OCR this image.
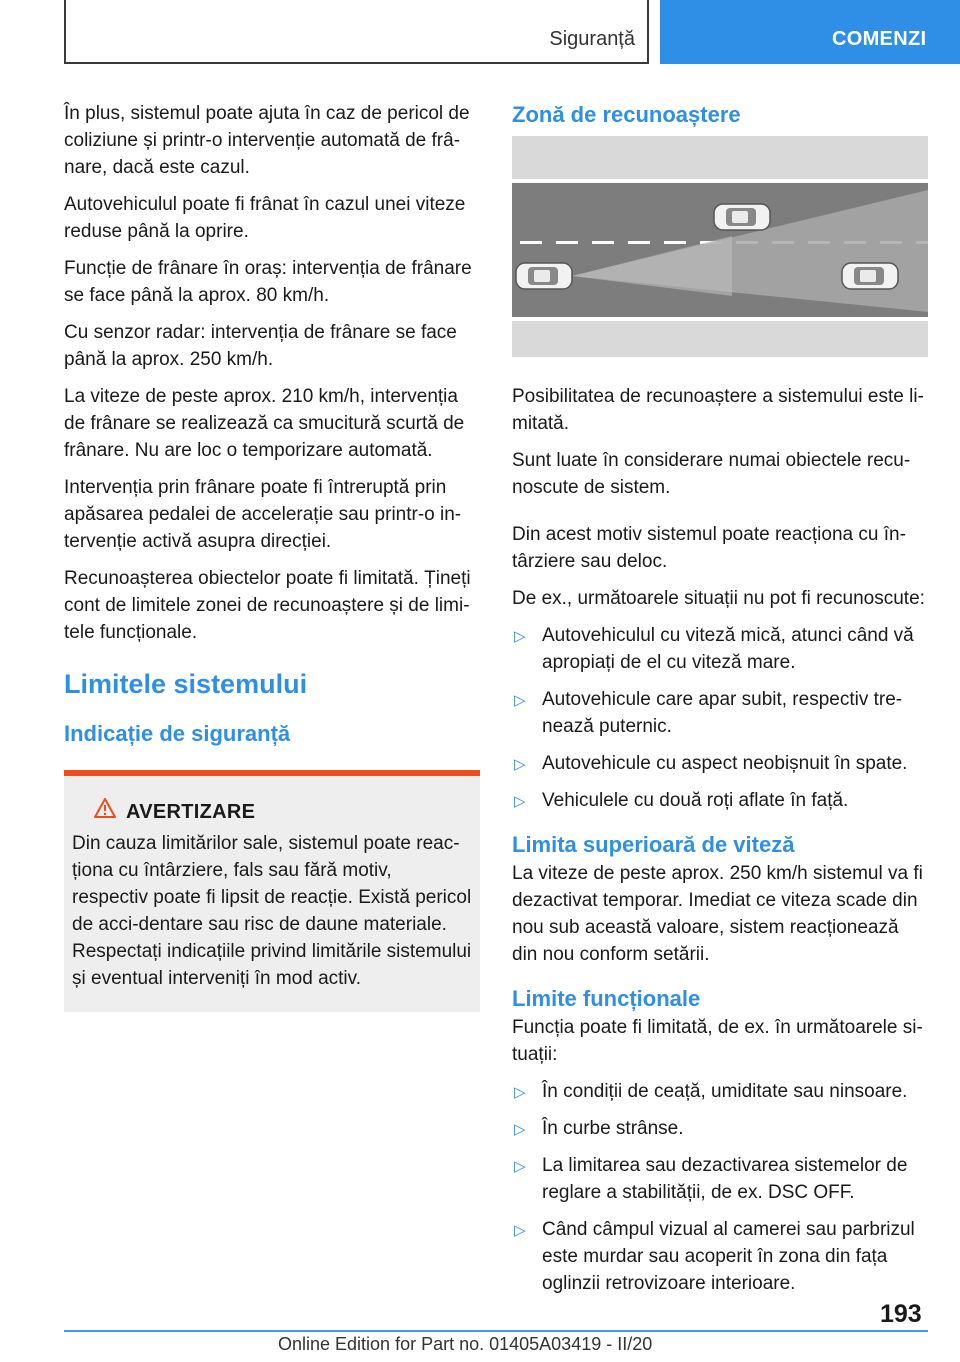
Siguranță	COMENZI

În plus, sistemul poate ajuta în caz de pericol de coliziune și printr-o intervenție automată de frâ-nare, dacă este cazul.

Autovehiculul poate fi frânat în cazul unei viteze reduse până la oprire.

Funcție de frânare în oraș: intervenția de frânare se face până la aprox. 80 km/h.

Cu senzor radar: intervenția de frânare se face până la aprox. 250 km/h.

La viteze de peste aprox. 210 km/h, intervenția de frânare se realizează ca smucitură scurtă de frânare. Nu are loc o temporizare automată.

Intervenția prin frânare poate fi întreruptă prin apăsarea pedalei de accelerație sau printr-o in-tervenție activă asupra direcției.

Recunoașterea obiectelor poate fi limitată. Țineți cont de limitele zonei de recunoaștere și de limi-tele funcționale.

Limitele sistemului
Indicație de siguranță
AVERTIZARE
Din cauza limitărilor sale, sistemul poate reac-ționa cu întârziere, fals sau fără motiv, respectiv poate fi lipsit de reacție. Există pericol de acci-dentare sau risc de daune materiale. Respectați indicațiile privind limitările sistemului și eventual interveniți în mod activ.
Zonă de recunoaștere

Posibilitatea de recunoaștere a sistemului este li-mitată.

Sunt luate în considerare numai obiectele recu-noscute de sistem.

Din acest motiv sistemul poate reacționa cu în-târziere sau deloc.

De ex., următoarele situații nu pot fi recunoscute:

▷ Autovehiculul cu viteză mică, atunci când vă apropiați de el cu viteză mare.
▷ Autovehicule care apar subit, respectiv tre-nează puternic.
▷ Autovehicule cu aspect neobișnuit în spate.
▷ Vehiculele cu două roți aflate în față.
Limita superioară de viteză

La viteze de peste aprox. 250 km/h sistemul va fi dezactivat temporar. Imediat ce viteza scade din nou sub această valoare, sistem reacționează din nou conform setării.

Limite funcționale

Funcția poate fi limitată, de ex. în următoarele si-tuații:

▷ În condiții de ceață, umiditate sau ninsoare.
▷ În curbe strânse.
▷ La limitarea sau dezactivarea sistemelor de reglare a stabilității, de ex. DSC OFF.
▷ Când câmpul vizual al camerei sau parbrizul este murdar sau acoperit în zona din fața oglinzii retrovizoare interioare.
193
Online Edition for Part no. 01405A03419 - II/20
